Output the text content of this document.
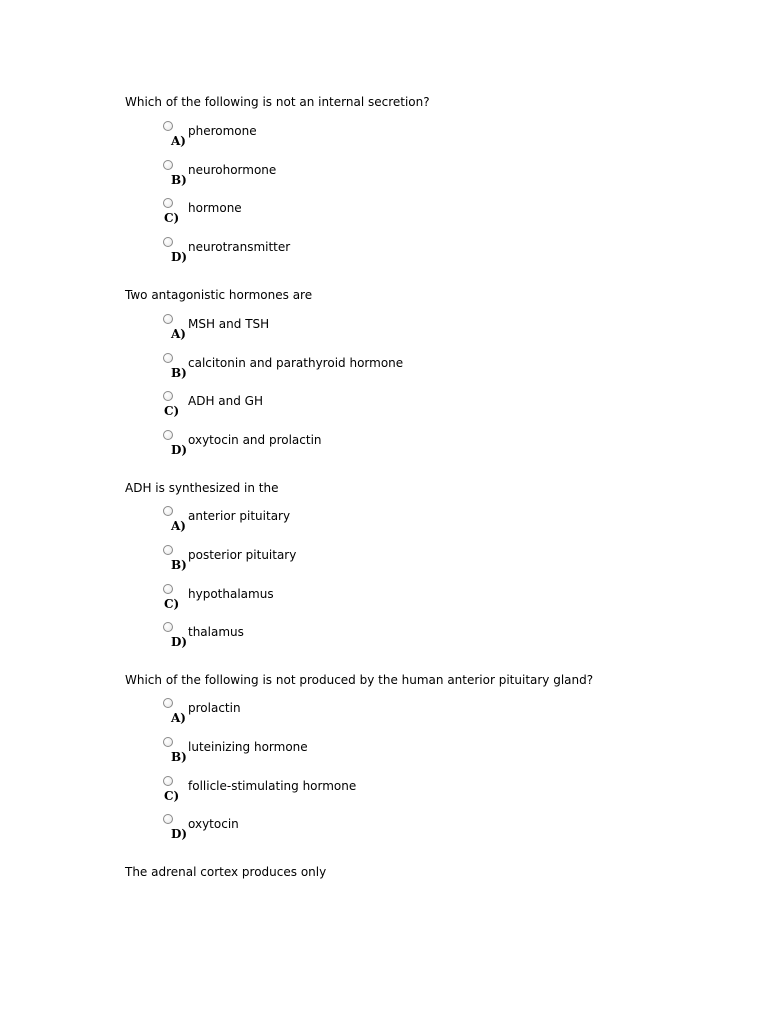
Which of the following is not an internal secretion?
A)
pheromone
B)
neurohormone
C)
hormone
D)
neurotransmitter
Two antagonistic hormones are
A)
MSH and TSH
B)
calcitonin and parathyroid hormone
C)
ADH and GH
D)
oxytocin and prolactin
ADH is synthesized in the
A)
anterior pituitary
B)
posterior pituitary
C)
hypothalamus
D)
thalamus
Which of the following is not produced by the human anterior pituitary gland?
A)
prolactin
B)
luteinizing hormone
C)
follicle-stimulating hormone
D)
oxytocin
The adrenal cortex produces only
